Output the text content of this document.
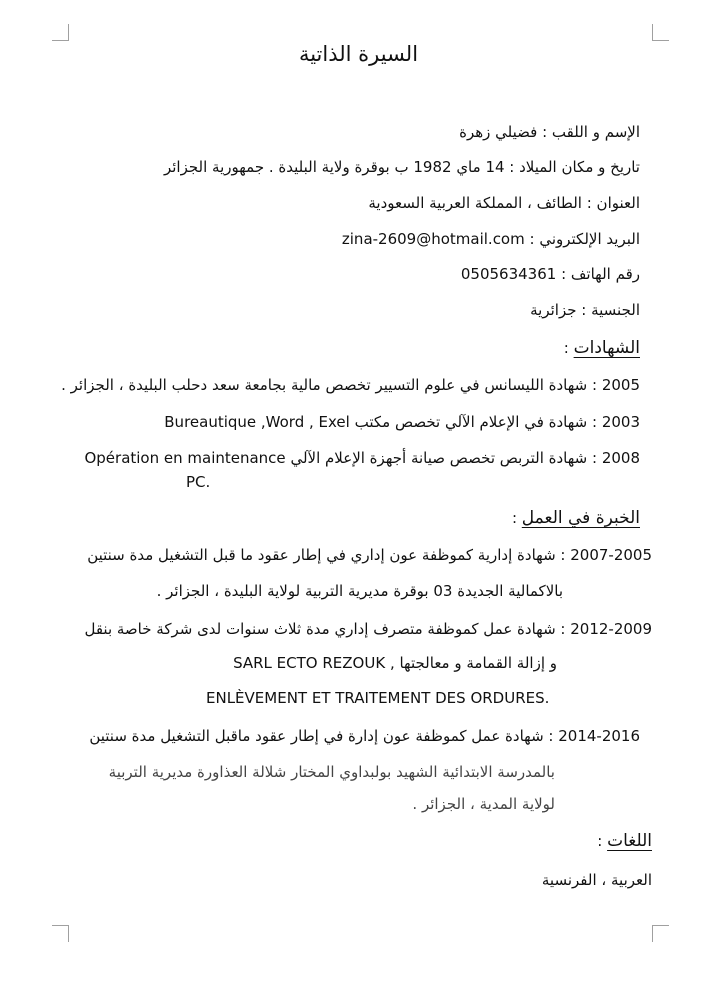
السيرة الذاتية
الإسم و اللقب : فضيلي زهرة
تاريخ و مكان الميلاد : 14 ماي 1982 ب بوقرة ولاية البليدة . جمهورية الجزائر
العنوان : الطائف ، المملكة العربية السعودية
البريد الإلكتروني : zina-2609@hotmail.com
رقم الهاتف : 0505634361
الجنسية : جزائرية
الشهادات :
2005 : شهادة الليسانس في علوم التسيير تخصص مالية بجامعة سعد دحلب البليدة ، الجزائر .
2003 : شهادة في الإعلام الآلي تخصص مكتب Bureautique ,Word , Exel
2008 : شهادة التربص تخصص صيانة أجهزة الإعلام الآلي Opération en maintenance
PC.
الخبرة في العمل :
2007-2005 : شهادة إدارية كموظفة عون إداري في إطار عقود ما قبل التشغيل مدة سنتين
بالاكمالية الجديدة 03 بوقرة مديرية التربية لولاية البليدة ، الجزائر .
2012-2009 : شهادة عمل كموظفة متصرف إداري مدة ثلاث سنوات لدى شركة خاصة بنقل
و إزالة القمامة و معالجتها , SARL ECTO REZOUK
ENLÈVEMENT ET TRAITEMENT DES ORDURES.
2014-2016 : شهادة عمل كموظفة عون إدارة في إطار عقود ماقبل التشغيل مدة سنتين
بالمدرسة الابتدائية الشهيد بولبداوي المختار شلالة العذاورة مديرية التربية
لولاية المدية ، الجزائر .
اللغات :
العربية ، الفرنسية
